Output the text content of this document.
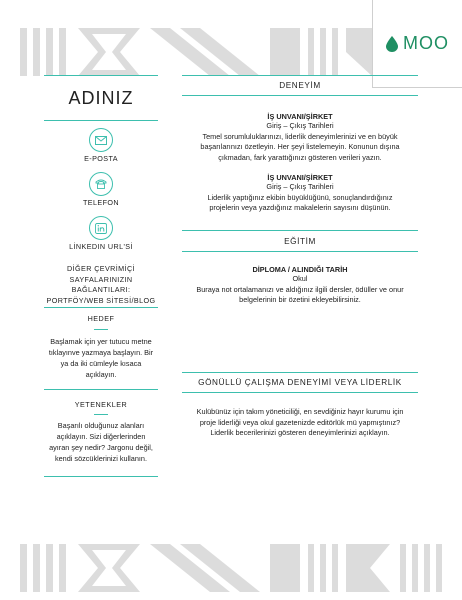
MOO
ADINIZ
E-POSTA
TELEFON
LİNKEDIN URL'Sİ
DİĞER ÇEVRİMİÇİ
SAYFALARINIZIN BAĞLANTILARI:
PORTFÖY/WEB SİTESİ/BLOG
HEDEF
Başlamak için yer tutucu metne
tıklayınve yazmaya başlayın. Bir
ya da iki cümleyle kısaca
açıklayın.
YETENEKLER
Başarılı olduğunuz alanları
açıklayın. Sizi diğerlerinden
ayıran şey nedir? Jargonu değil,
kendi sözcüklerinizi kullanın.
DENEYİM
İŞ UNVANI/ŞİRKET
Giriş – Çıkış Tarihleri
Temel sorumluluklarınızı, liderlik deneyimlerinizi ve en büyük
başarılarınızı özetleyin. Her şeyi listelemeyin. Konunun dışına
çıkmadan, fark yarattığınızı gösteren verileri yazın.
İŞ UNVANI/ŞİRKET
Giriş – Çıkış Tarihleri
Liderlik yaptığınız ekibin büyüklüğünü, sonuçlandırdığınız
projelerin veya yazdığınız makalelerin sayısını düşünün.
EĞİTİM
DİPLOMA / ALINDIĞI TARİH
Okul
Buraya not ortalamanızı ve aldığınız ilgili dersler, ödüller ve onur
belgelerinin bir özetini ekleyebilirsiniz.
GÖNÜLLÜ ÇALIŞMA DENEYİMİ VEYA LİDERLİK
Kulübünüz için takım yöneticiliği, en sevdiğiniz hayır kurumu için
proje liderliği veya okul gazetenizde editörlük mü yapmıştınız?
Liderlik becerilerinizi gösteren deneyimlerinizi açıklayın.
